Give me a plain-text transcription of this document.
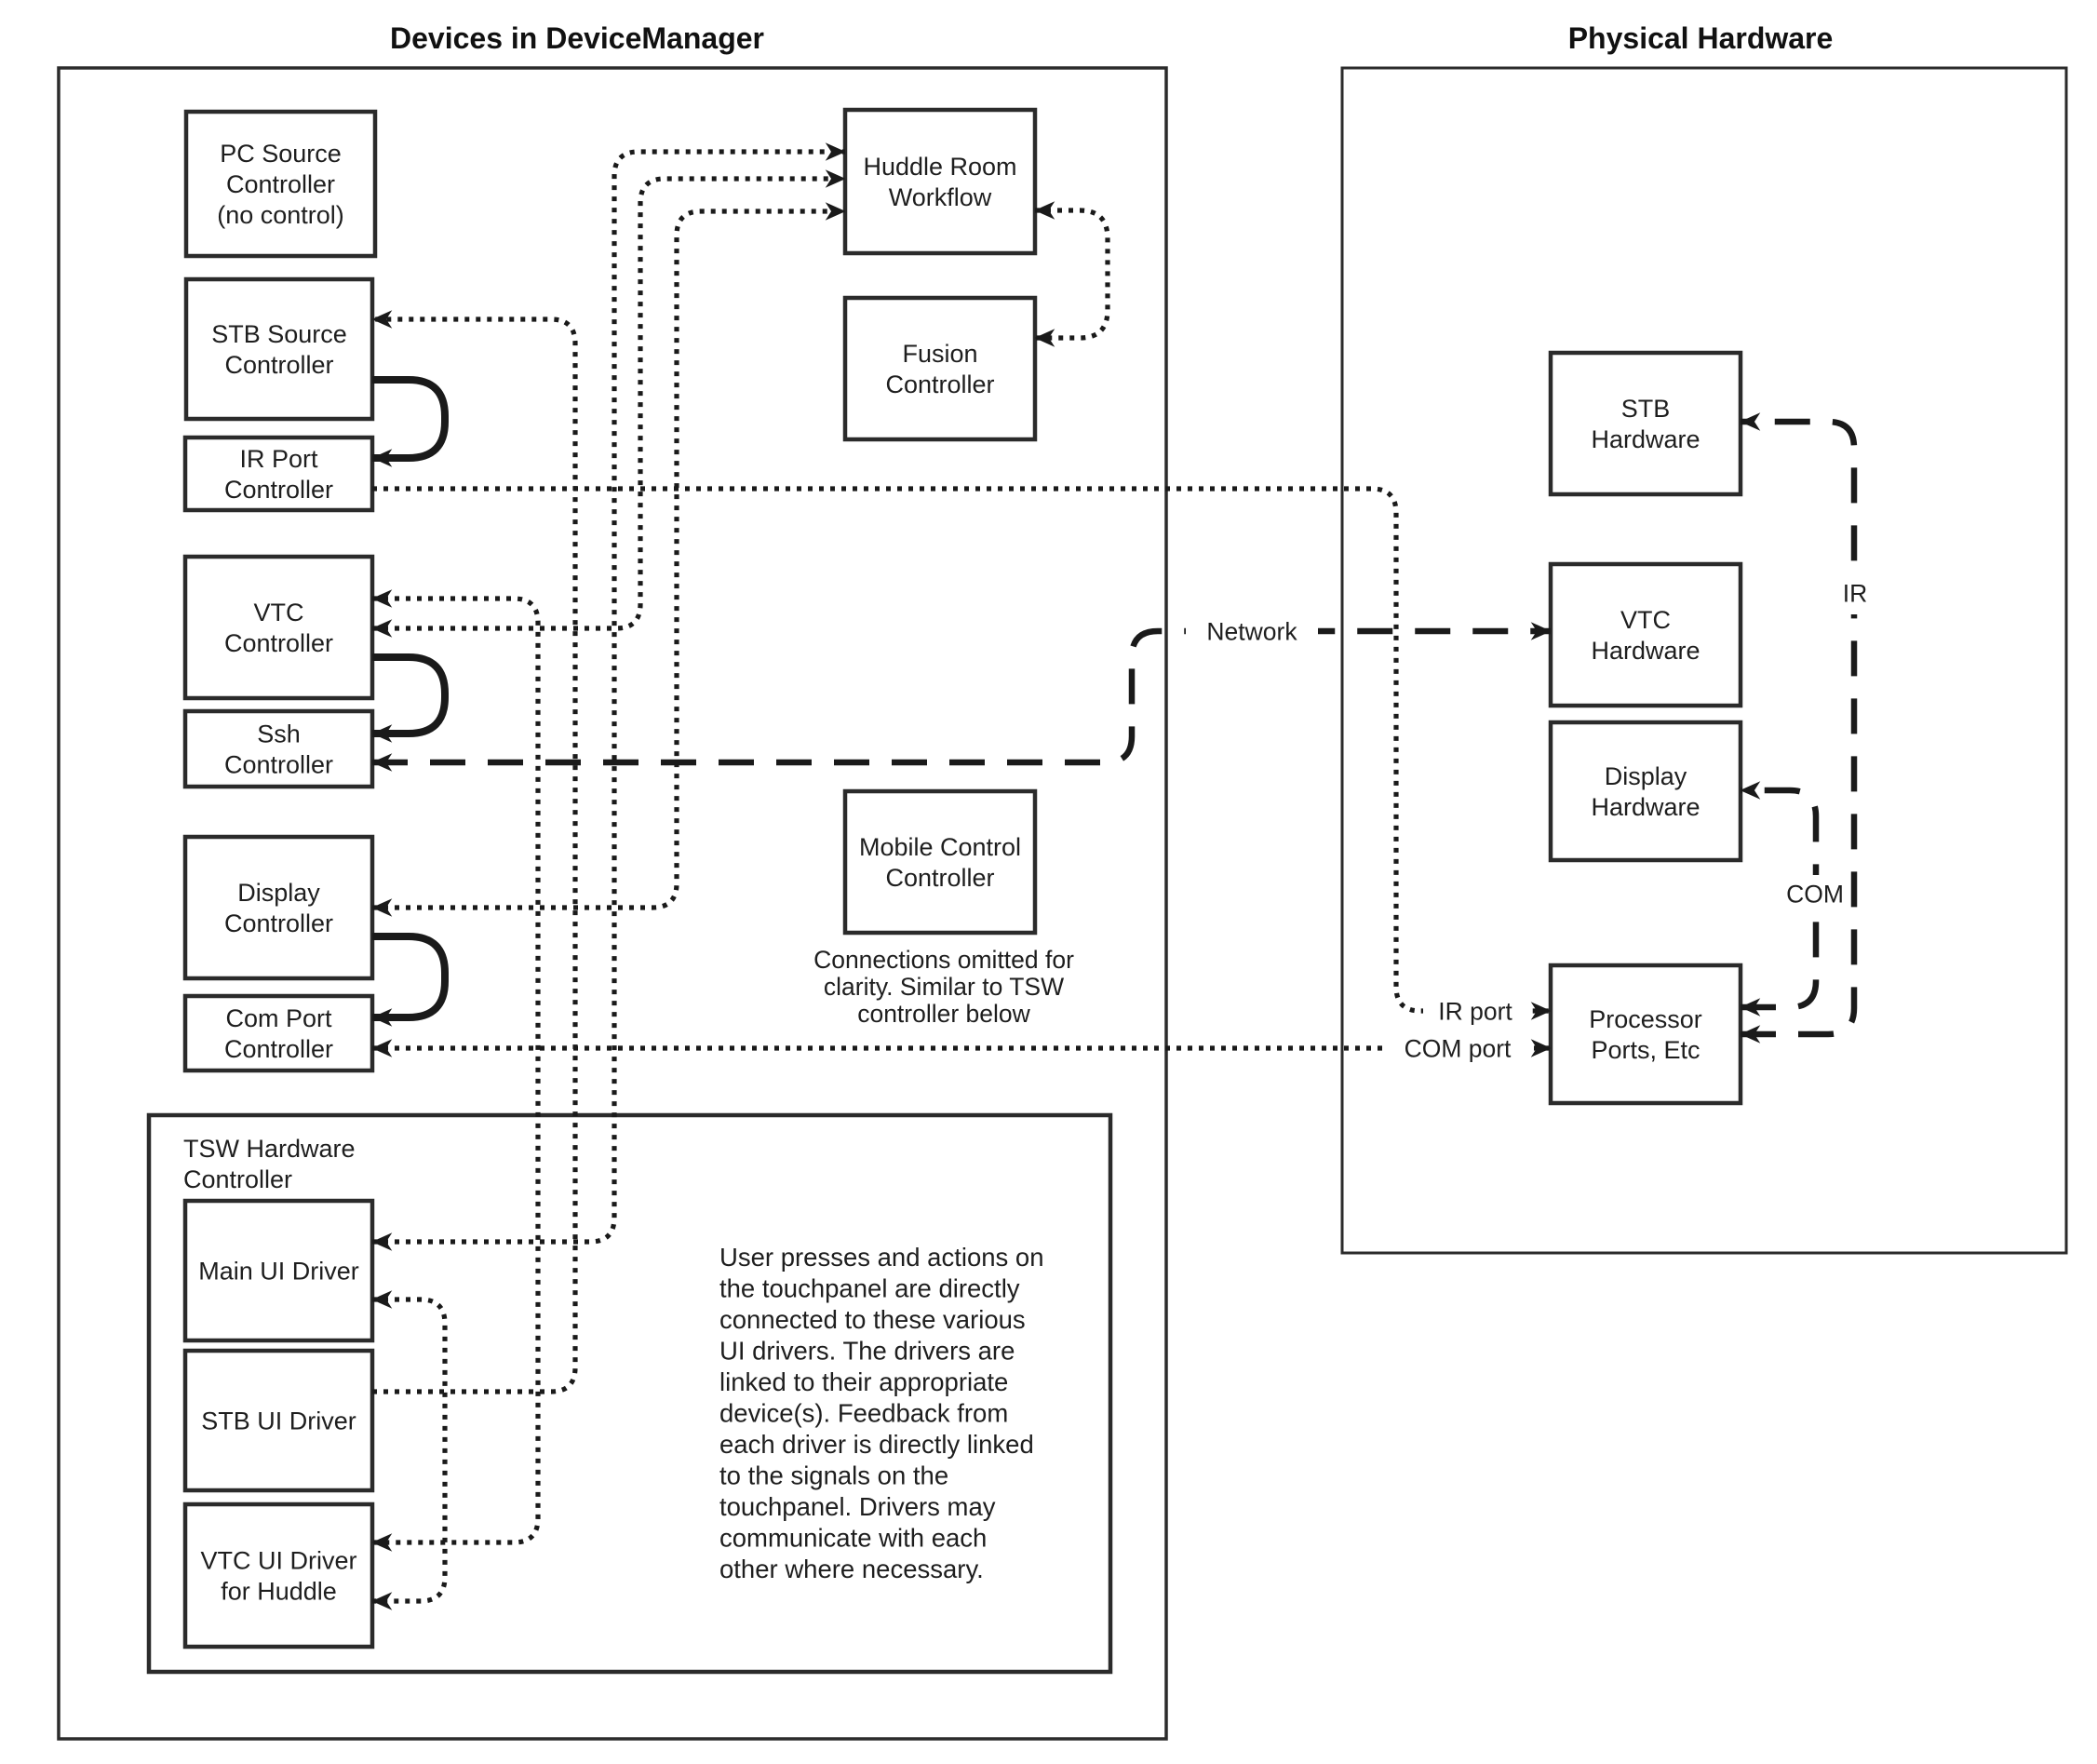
Devices in DeviceManager	Physical Hardware
TSW Hardware Controller
PC Source Controller (no control)
STB Source Controller
IR Port Controller
VTC Controller
Ssh Controller
Display Controller
Com Port Controller
Main UI Driver
STB UI Driver
VTC UI Driver for Huddle
Huddle Room Workflow
Fusion Controller
Mobile Control Controller
STB Hardware
VTC Hardware
Display Hardware
Processor Ports, Etc
Network
IR
COM
IR port
COM port
Connections omitted for clarity. Similar to TSW controller below
User presses and actions on the touchpanel are directly connected to these various UI drivers. The drivers are linked to their appropriate device(s). Feedback from each driver is directly linked to the signals on the touchpanel. Drivers may communicate with each other where necessary.
